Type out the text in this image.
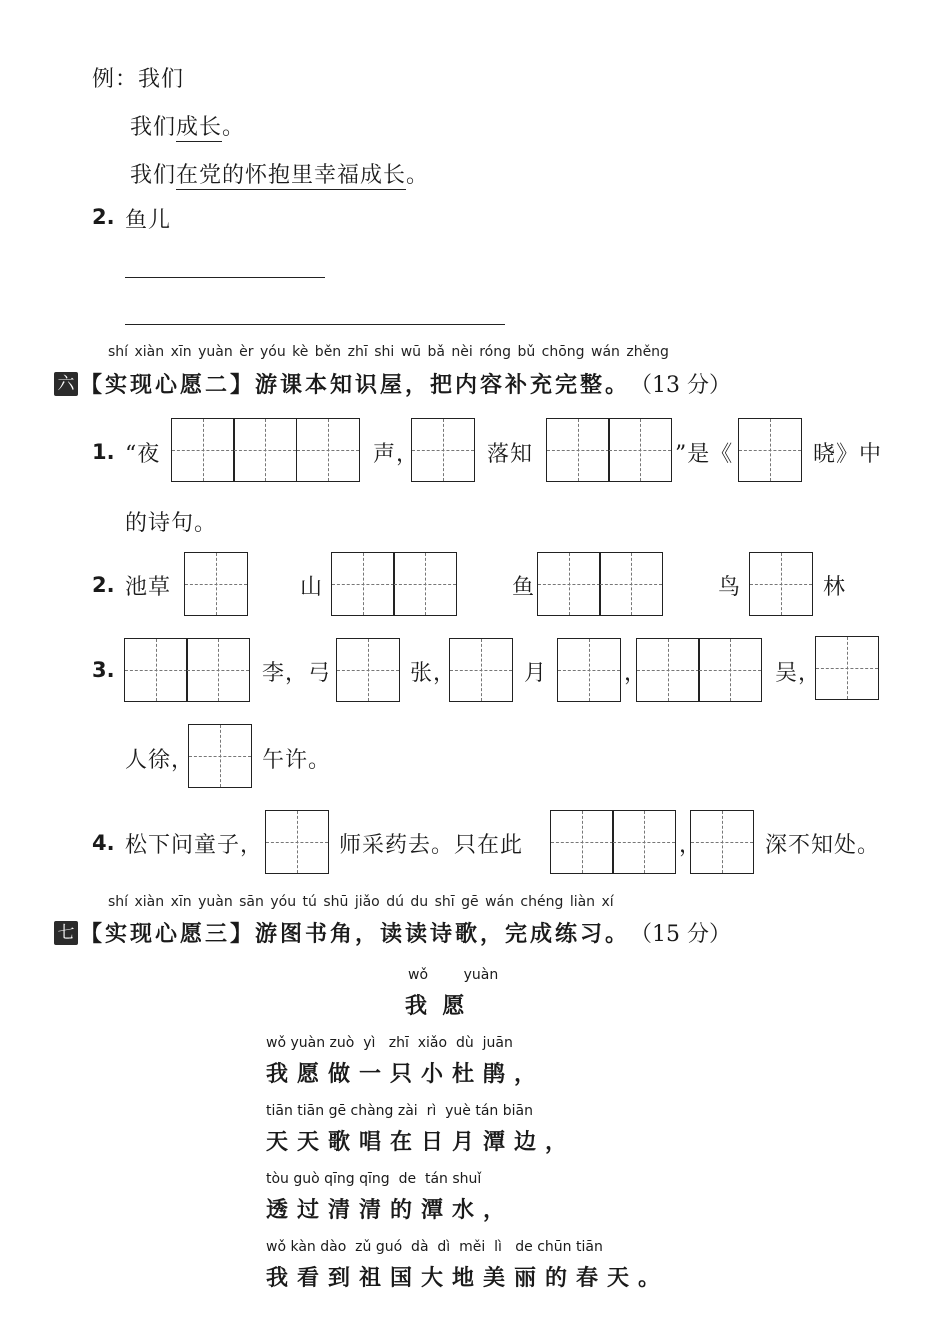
例：我们
我们成长。
我们在党的怀抱里幸福成长。
2. 鱼儿
shí xiàn xīn yuàn èr yóu kè běn zhī shi wū bǎ nèi róng bǔ chōng wán zhěng
六 【实现心愿二】游课本知识屋，把内容补充完整。 （13 分）
1. “夜	声，	落知	”是《	晓》中
的诗句。
2. 池草	山	鱼	鸟	林
3.	李，弓	张，	月	，	吴，
人徐，	午许。
4. 松下问童子，	师采药去。只在此	，	深不知处。
shí xiàn xīn yuàn sān yóu tú shū jiǎo dú du shī gē wán chéng liàn xí
七 【实现心愿三】游图书角，读读诗歌，完成练习。 （15 分）
wǒ        yuàn
我  愿
wǒ yuàn zuò  yì   zhī  xiǎo  dù  juān
我愿做一只小杜鹃，
tiān tiān gē chàng zài  rì  yuè tán biān
天天歌唱在日月潭边，
tòu guò qīng qīng  de  tán shuǐ
透过清清的潭水，
wǒ kàn dào  zǔ guó  dà  dì  měi  lì   de chūn tiān
我看到祖国大地美丽的春天。
